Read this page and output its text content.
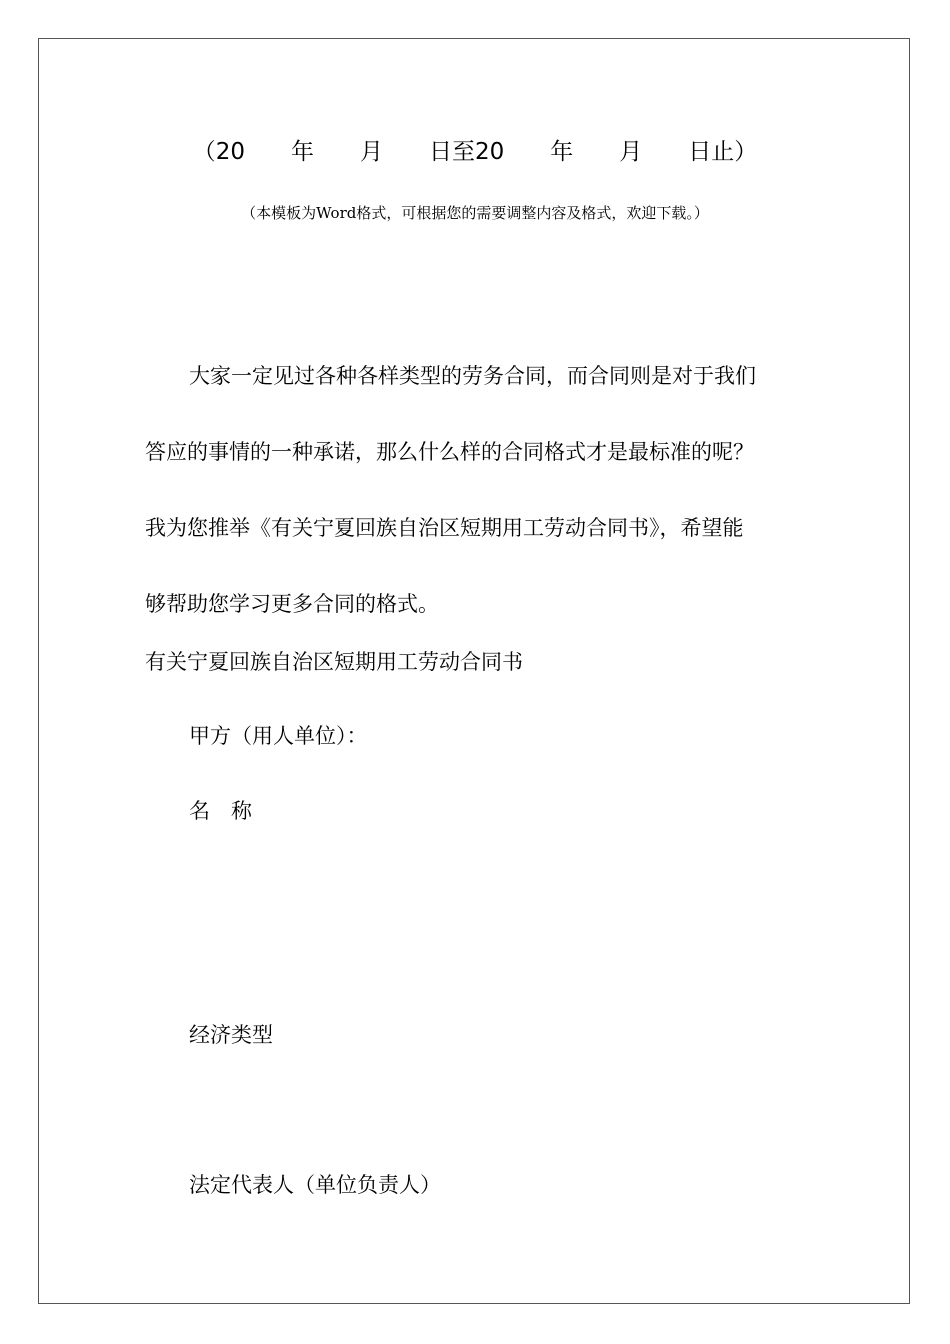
（20　　年　　月　　日至20　　年　　月　　日止）
（本模板为Word格式，可根据您的需要调整内容及格式，欢迎下载。）
大家一定见过各种各样类型的劳务合同，而合同则是对于我们
答应的事情的一种承诺，那么什么样的合同格式才是最标准的呢？
我为您推举《有关宁夏回族自治区短期用工劳动合同书》，希望能
够帮助您学习更多合同的格式。
有关宁夏回族自治区短期用工劳动合同书
甲方（用人单位）：
名　称
经济类型
法定代表人（单位负责人）
